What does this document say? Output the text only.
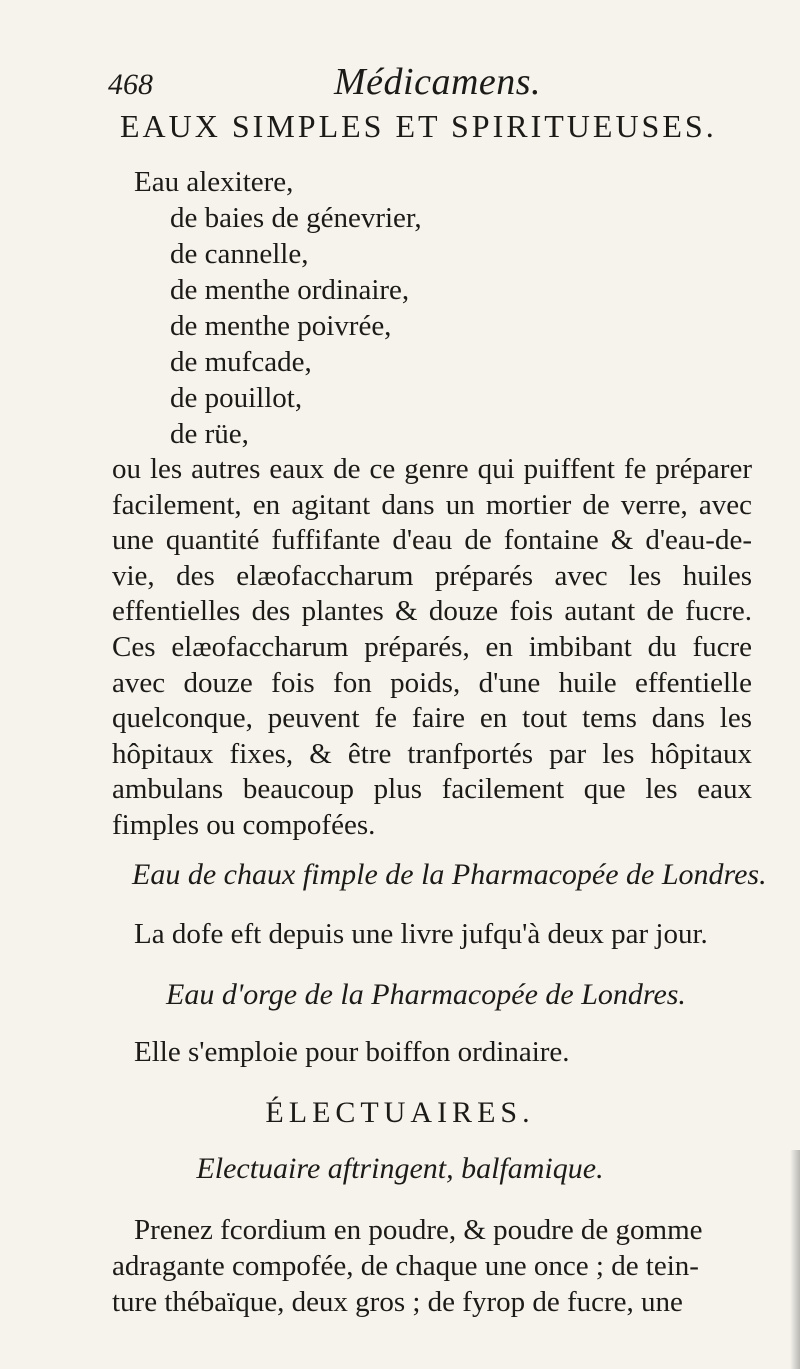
468	Médicamens.
EAUX SIMPLES ET SPIRITUEUSES.
Eau alexitere,
de baies de génevrier,
de cannelle,
de menthe ordinaire,
de menthe poivrée,
de mufcade,
de pouillot,
de rüe,
ou les autres eaux de ce genre qui puiffent fe préparer facilement, en agitant dans un mortier de verre, avec une quantité fuffifante d'eau de fontaine & d'eau-de-vie, des elæofaccharum préparés avec les huiles effentielles des plantes & douze fois autant de fucre. Ces elæofaccharum préparés, en imbibant du fucre avec douze fois fon poids, d'une huile effentielle quelconque, peuvent fe faire en tout tems dans les hôpitaux fixes, & être tranfportés par les hôpitaux ambulans beaucoup plus facilement que les eaux fimples ou compofées.
Eau de chaux fimple de la Pharmacopée de Londres.
La dofe eft depuis une livre jufqu'à deux par jour.
Eau d'orge de la Pharmacopée de Londres.
Elle s'emploie pour boiffon ordinaire.
ÉLECTUAIRES.
Electuaire aftringent, balfamique.
Prenez fcordium en poudre, & poudre de gomme
adragante compofée, de chaque une once ; de tein-
ture thébaïque, deux gros ; de fyrop de fucre, une
